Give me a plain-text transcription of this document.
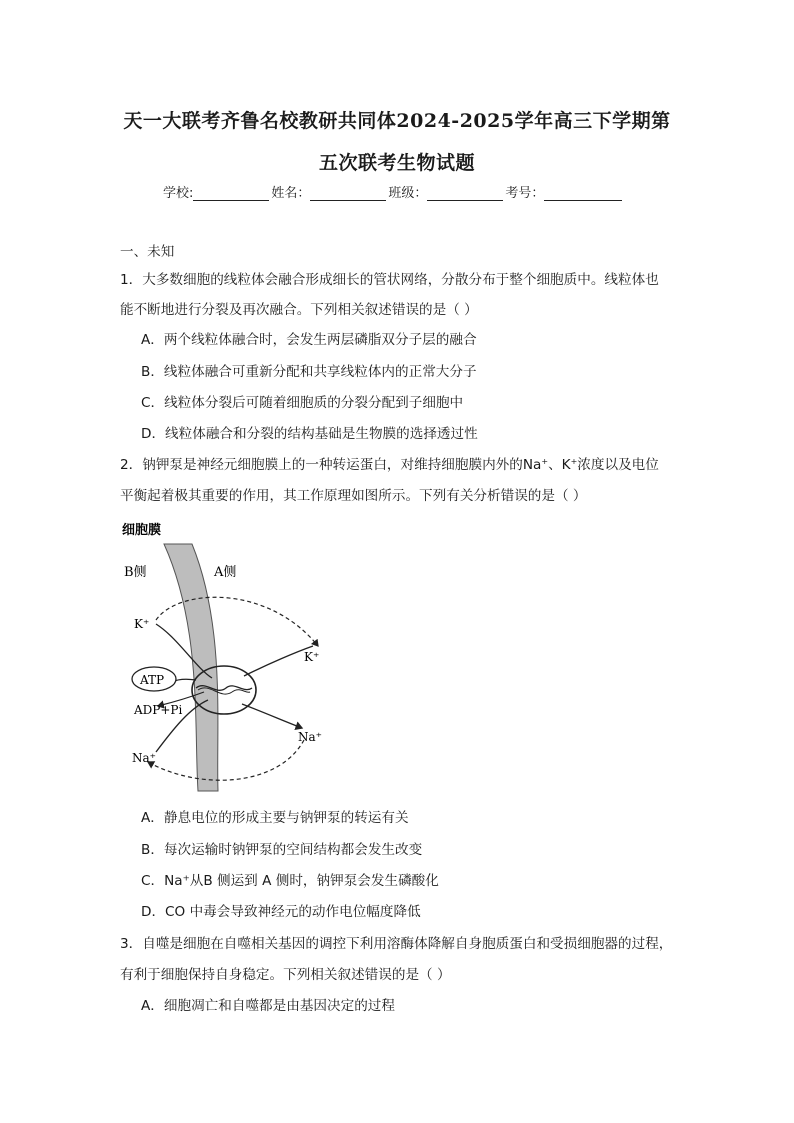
天一大联考齐鲁名校教研共同体2024-2025学年高三下学期第
五次联考生物试题
学校:	姓名：	班级：	考号：
一、未知
1．大多数细胞的线粒体会融合形成细长的管状网络，分散分布于整个细胞质中。线粒体也
能不断地进行分裂及再次融合。下列相关叙述错误的是（ ）
A．两个线粒体融合时，会发生两层磷脂双分子层的融合
B．线粒体融合可重新分配和共享线粒体内的正常大分子
C．线粒体分裂后可随着细胞质的分裂分配到子细胞中
D．线粒体融合和分裂的结构基础是生物膜的选择透过性
2．钠钾泵是神经元细胞膜上的一种转运蛋白，对维持细胞膜内外的Na+、K+浓度以及电位
平衡起着极其重要的作用，其工作原理如图所示。下列有关分析错误的是（ ）
细胞膜
B侧	A侧
K⁺
K⁺
ATP
ADP+Pi
Na⁺
Na⁺
A．静息电位的形成主要与钠钾泵的转运有关
B．每次运输时钠钾泵的空间结构都会发生改变
C．Na⁺从B 侧运到 A 侧时，钠钾泵会发生磷酸化
D．CO 中毒会导致神经元的动作电位幅度降低
3．自噬是细胞在自噬相关基因的调控下利用溶酶体降解自身胞质蛋白和受损细胞器的过程，
有利于细胞保持自身稳定。下列相关叙述错误的是（ ）
A．细胞凋亡和自噬都是由基因决定的过程
